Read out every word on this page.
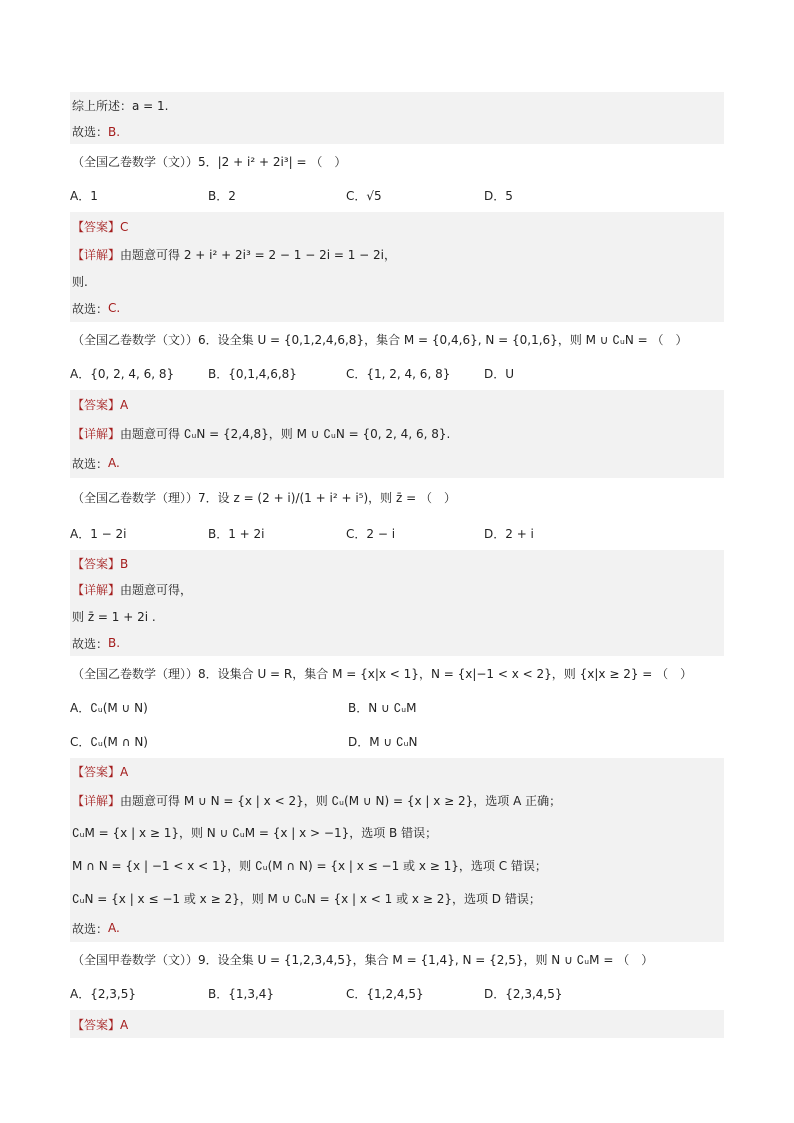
综上所述：a = 1.
故选：B.
（全国乙卷数学（文））5．|2 + i² + 2i³| = （　）
A．1	B．2	C．√5	D．5
【答案】C
【详解】 由题意可得 2 + i² + 2i³ = 2 − 1 − 2i = 1 − 2i，
则.
故选： C.
（全国乙卷数学（文））6．设全集 U = {0,1,2,4,6,8}，集合 M = {0,4,6}, N = {0,1,6}，则 M ∪ ∁ᵤN = （　）
A．{0, 2, 4, 6, 8}	B．{0,1,4,6,8}	C．{1, 2, 4, 6, 8}	D．U
【答案】A
【详解】 由题意可得 ∁ᵤN = {2,4,8}，则 M ∪ ∁ᵤN = {0, 2, 4, 6, 8}.
故选： A.
（全国乙卷数学（理））7．设 z = (2 + i)/(1 + i² + i⁵)，则 z̄ = （　）
A．1 − 2i	B．1 + 2i	C．2 − i	D．2 + i
【答案】B
【详解】 由题意可得，
则 z̄ = 1 + 2i .
故选： B.
（全国乙卷数学（理））8．设集合 U = R，集合 M = {x|x < 1}，N = {x|−1 < x < 2}，则 {x|x ≥ 2} = （　）
A．∁ᵤ(M ∪ N)	B．N ∪ ∁ᵤM
C．∁ᵤ(M ∩ N)	D．M ∪ ∁ᵤN
【答案】A
【详解】 由题意可得 M ∪ N = {x | x < 2}，则 ∁ᵤ(M ∪ N) = {x | x ≥ 2}，选项 A 正确；
∁ᵤM = {x | x ≥ 1}，则 N ∪ ∁ᵤM = {x | x > −1}，选项 B 错误；
M ∩ N = {x | −1 < x < 1}，则 ∁ᵤ(M ∩ N) = {x | x ≤ −1 或 x ≥ 1}，选项 C 错误；
∁ᵤN = {x | x ≤ −1 或 x ≥ 2}，则 M ∪ ∁ᵤN = {x | x < 1 或 x ≥ 2}，选项 D 错误；
故选： A.
（全国甲卷数学（文））9．设全集 U = {1,2,3,4,5}，集合 M = {1,4}, N = {2,5}，则 N ∪ ∁ᵤM = （　）
A．{2,3,5}	B．{1,3,4}	C．{1,2,4,5}	D．{2,3,4,5}
【答案】A
